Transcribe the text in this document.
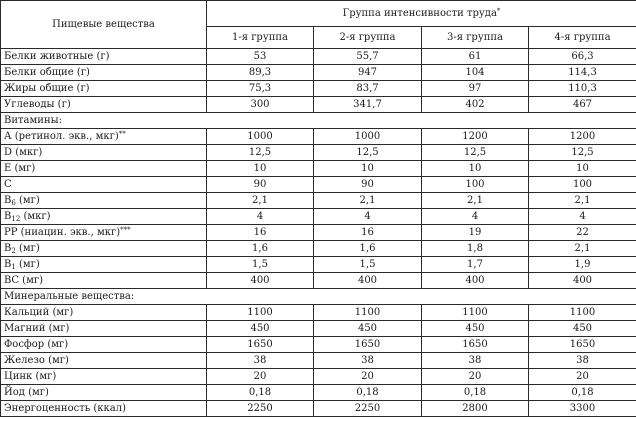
Пищевые вещества	Группа интенсивности труда*
	1-я группа	2-я группа	3-я группа	4-я группа
Белки животные (г)	53	55,7	61	66,3
Белки общие (г)	89,3	947	104	114,3
Жиры общие (г)	75,3	83,7	97	110,3
Углеводы (г)	300	341,7	402	467
Витамины:				
А (ретинол. экв., мкг)**	1000	1000	1200	1200
D (мкг)	12,5	12,5	12,5	12,5
Е (мг)	10	10	10	10
С	90	90	100	100
$B_6$ (мг)	2,1	2,1	2,1	2,1
$B_{12}$ (мкг)	4	4	4	4
РР (ниацин. экв., мкг)***	16	16	19	22
$B_2$ (мг)	1,6	1,6	1,8	2,1
$B_1$ (мг)	1,5	1,5	1,7	1,9
ВС (мг)	400	400	400	400
Минеральные вещества:				
Кальций (мг)	1100	1100	1100	1100
Магний (мг)	450	450	450	450
Фосфор (мг)	1650	1650	1650	1650
Железо (мг)	38	38	38	38
Цинк (мг)	20	20	20	20
Йод (мг)	0,18	0,18	0,18	0,18
Энергоценность (ккал)	2250	2250	2800	3300
